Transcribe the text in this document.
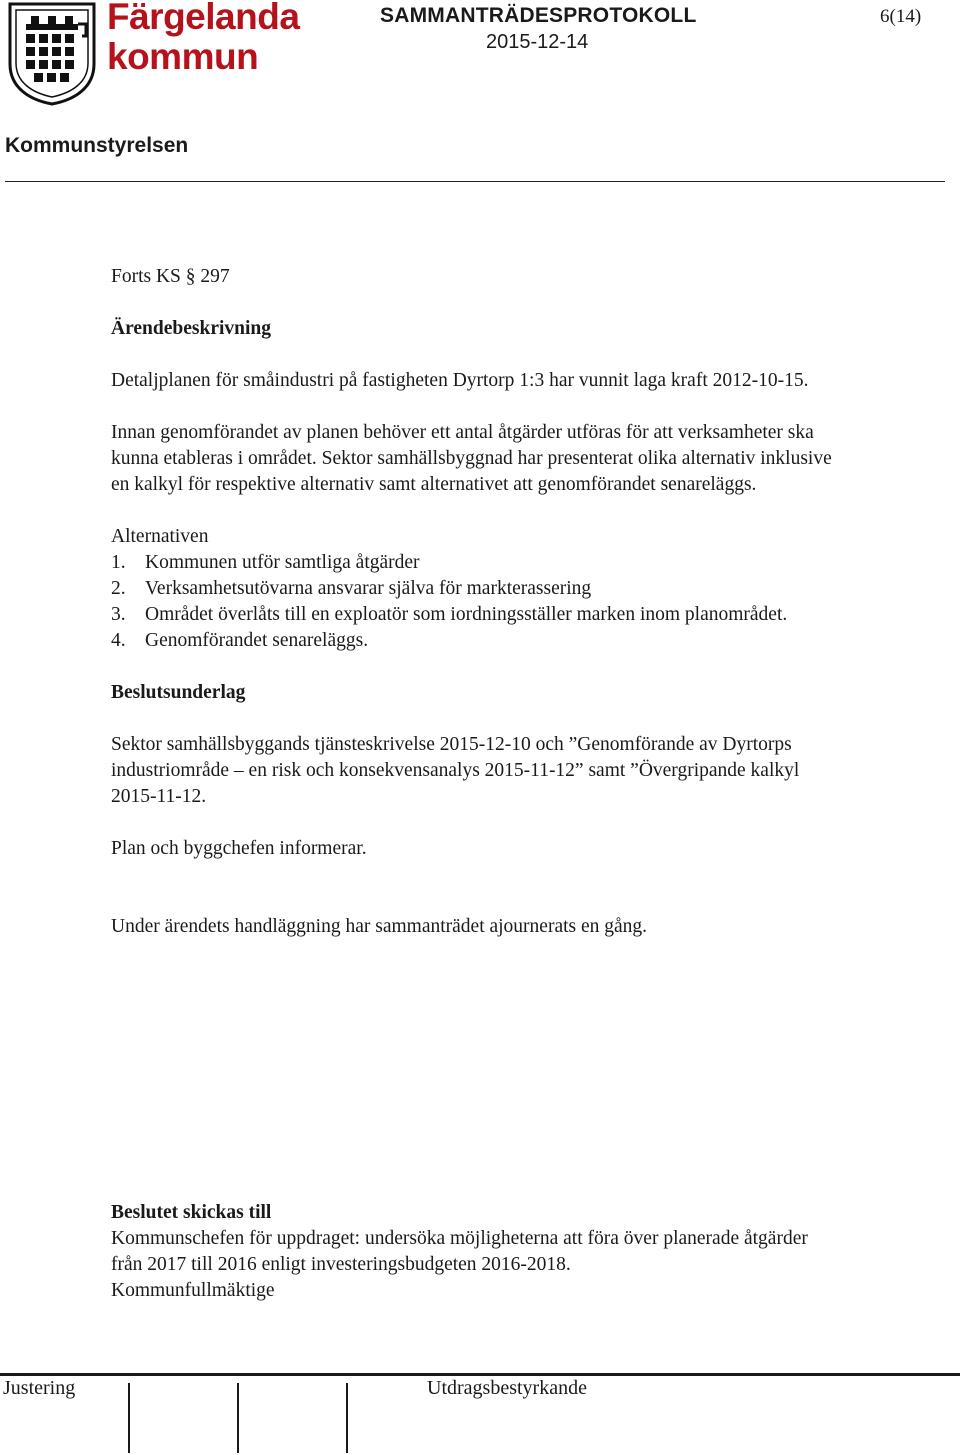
Färgelanda
kommun
SAMMANTRÄDESPROTOKOLL
2015-12-14
6(14)
Kommunstyrelsen

Forts KS § 297

Ärendebeskrivning

Detaljplanen för småindustri på fastigheten Dyrtorp 1:3 har vunnit laga kraft 2012-10-15.

Innan genomförandet av planen behöver ett antal åtgärder utföras för att verksamheter ska

kunna etableras i området. Sektor samhällsbyggnad har presenterat olika alternativ inklusive

en kalkyl för respektive alternativ samt alternativet att genomförandet senareläggs.

Alternativen

1. Kommunen utför samtliga åtgärder
2. Verksamhetsutövarna ansvarar själva för markterassering
3. Området överlåts till en exploatör som iordningsställer marken inom planområdet.
4. Genomförandet senareläggs.

Beslutsunderlag

Sektor samhällsbyggands tjänsteskrivelse 2015-12-10 och ”Genomförande av Dyrtorps

industriområde – en risk och konsekvensanalys 2015-11-12” samt ”Övergripande kalkyl

2015-11-12.

Plan och byggchefen informerar.

Under ärendets handläggning har sammanträdet ajournerats en gång.

Beslutet skickas till

Kommunschefen för uppdraget: undersöka möjligheterna att föra över planerade åtgärder

från 2017 till 2016 enligt investeringsbudgeten 2016-2018.

Kommunfullmäktige

Justering	Utdragsbestyrkande
